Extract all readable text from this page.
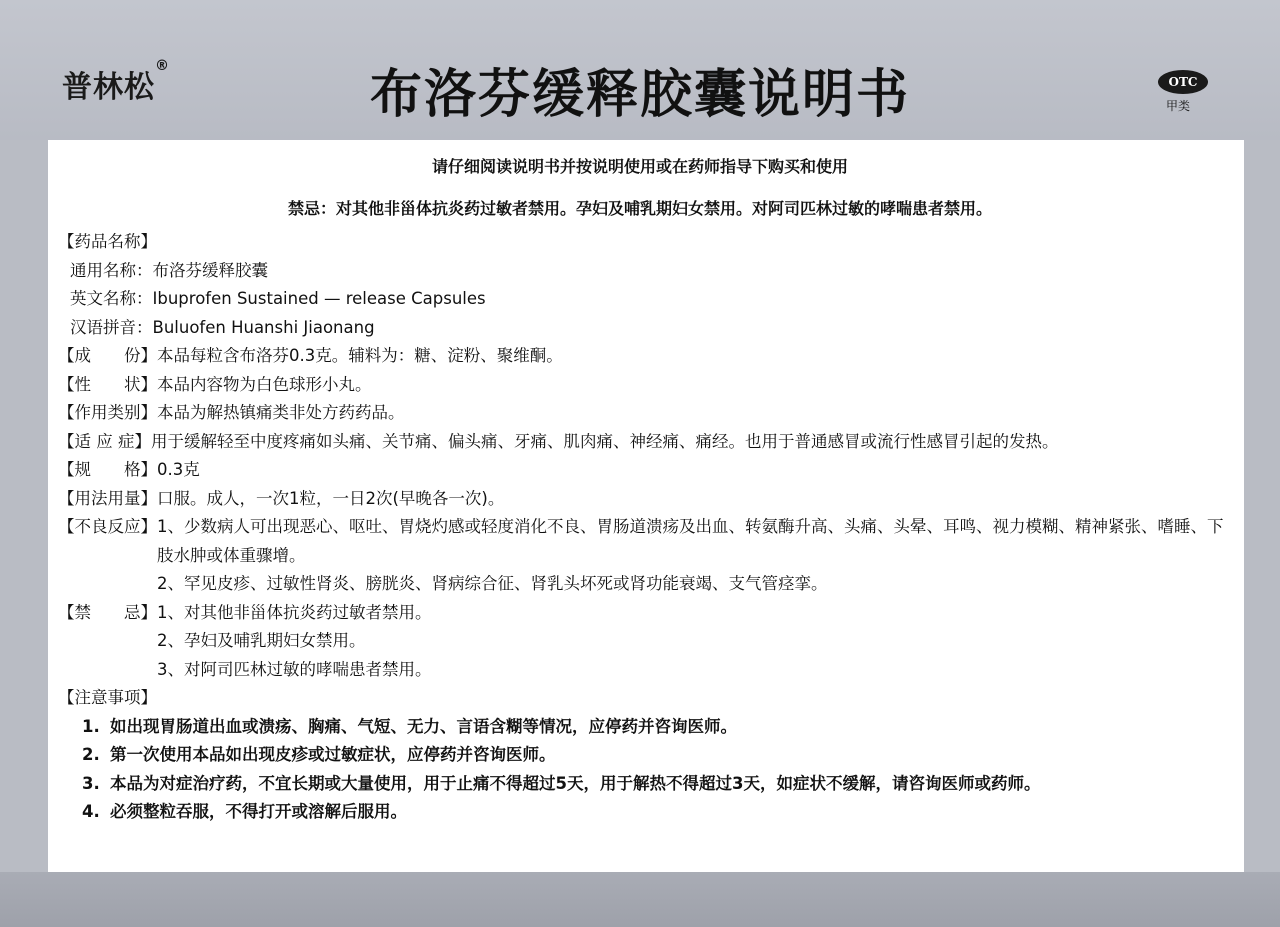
普林松®	布洛芬缓释胶囊说明书	OTC
甲类
请仔细阅读说明书并按说明使用或在药师指导下购买和使用
禁忌：对其他非甾体抗炎药过敏者禁用。孕妇及哺乳期妇女禁用。对阿司匹林过敏的哮喘患者禁用。
【药品名称】
通用名称： 布洛芬缓释胶囊
英文名称： Ibuprofen Sustained — release Capsules
汉语拼音： Buluofen Huanshi Jiaonang
【成　　份】 本品每粒含布洛芬0.3克。辅料为：糖、淀粉、聚维酮。
【性　　状】 本品内容物为白色球形小丸。
【作用类别】 本品为解热镇痛类非处方药药品。
【适 应 症】 用于缓解轻至中度疼痛如头痛、关节痛、偏头痛、牙痛、肌肉痛、神经痛、痛经。也用于普通感冒或流行性感冒引起的发热。
【规　　格】 0.3克
【用法用量】 口服。成人，一次1粒，一日2次(早晚各一次)。
【不良反应】 1、少数病人可出现恶心、呕吐、胃烧灼感或轻度消化不良、胃肠道溃疡及出血、转氨酶升高、头痛、头晕、耳鸣、视力模糊、精神紧张、嗜睡、下肢水肿或体重骤增。
2、罕见皮疹、过敏性肾炎、膀胱炎、肾病综合征、肾乳头坏死或肾功能衰竭、支气管痉挛。
【禁　　忌】 1、对其他非甾体抗炎药过敏者禁用。
2、孕妇及哺乳期妇女禁用。
3、对阿司匹林过敏的哮喘患者禁用。
【注意事项】
1. 如出现胃肠道出血或溃疡、胸痛、气短、无力、言语含糊等情况，应停药并咨询医师。
2. 第一次使用本品如出现皮疹或过敏症状，应停药并咨询医师。
3. 本品为对症治疗药，不宜长期或大量使用，用于止痛不得超过5天，用于解热不得超过3天，如症状不缓解，请咨询医师或药师。
4. 必须整粒吞服，不得打开或溶解后服用。
